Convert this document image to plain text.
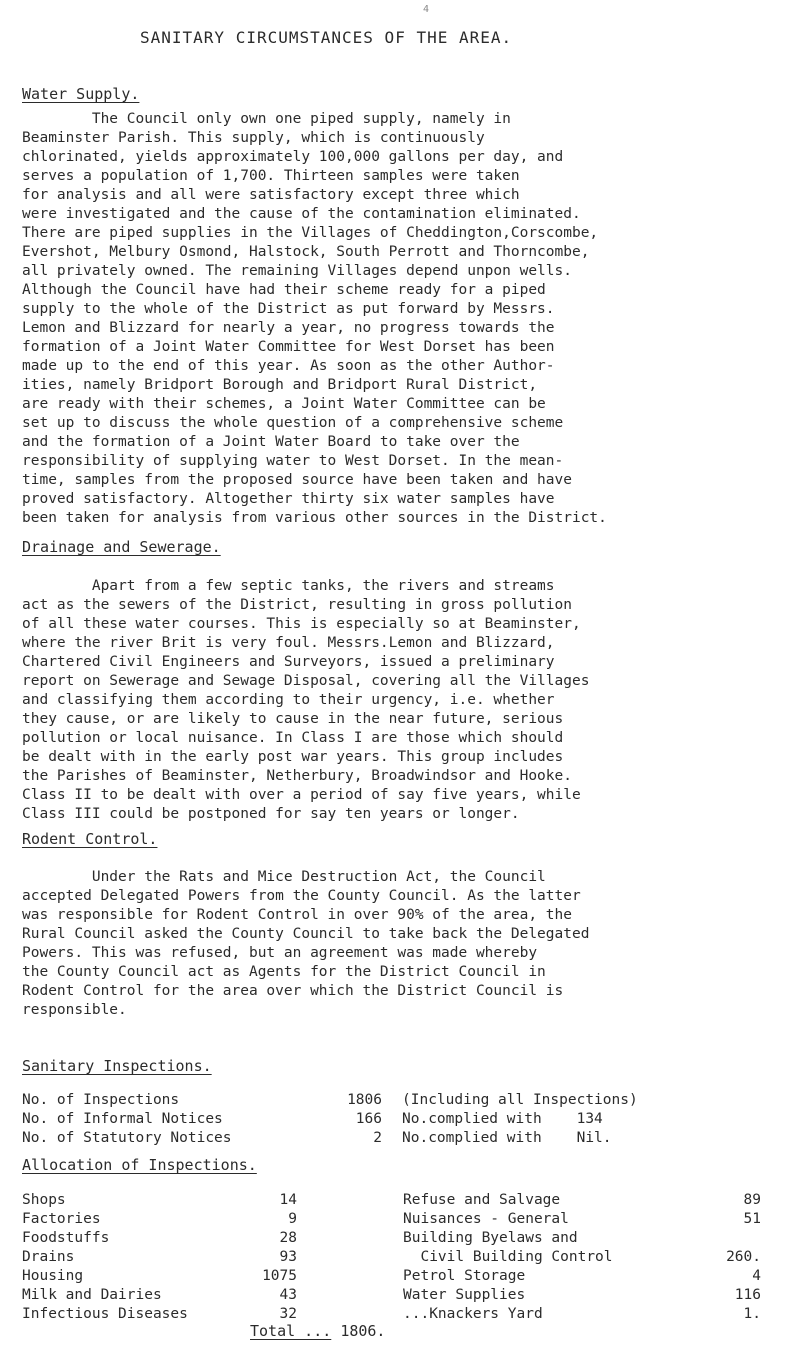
4
SANITARY CIRCUMSTANCES OF THE AREA.
Water Supply.
The Council only own one piped supply, namely in
Beaminster Parish. This supply, which is continuously
chlorinated, yields approximately 100,000 gallons per day, and
serves a population of 1,700. Thirteen samples were taken
for analysis and all were satisfactory except three which
were investigated and the cause of the contamination eliminated.
There are piped supplies in the Villages of Cheddington,Corscombe,
Evershot, Melbury Osmond, Halstock, South Perrott and Thorncombe,
all privately owned. The remaining Villages depend unpon wells.
Although the Council have had their scheme ready for a piped
supply to the whole of the District as put forward by Messrs.
Lemon and Blizzard for nearly a year, no progress towards the
formation of a Joint Water Committee for West Dorset has been
made up to the end of this year. As soon as the other Author-
ities, namely Bridport Borough and Bridport Rural District,
are ready with their schemes, a Joint Water Committee can be
set up to discuss the whole question of a comprehensive scheme
and the formation of a Joint Water Board to take over the
responsibility of supplying water to West Dorset. In the mean-
time, samples from the proposed source have been taken and have
proved satisfactory. Altogether thirty six water samples have
been taken for analysis from various other sources in the District.
Drainage and Sewerage.
Apart from a few septic tanks, the rivers and streams
act as the sewers of the District, resulting in gross pollution
of all these water courses. This is especially so at Beaminster,
where the river Brit is very foul. Messrs.Lemon and Blizzard,
Chartered Civil Engineers and Surveyors, issued a preliminary
report on Sewerage and Sewage Disposal, covering all the Villages
and classifying them according to their urgency, i.e. whether
they cause, or are likely to cause in the near future, serious
pollution or local nuisance. In Class I are those which should
be dealt with in the early post war years. This group includes
the Parishes of Beaminster, Netherbury, Broadwindsor and Hooke.
Class II to be dealt with over a period of say five years, while
Class III could be postponed for say ten years or longer.
Rodent Control.
Under the Rats and Mice Destruction Act, the Council
accepted Delegated Powers from the County Council. As the latter
was responsible for Rodent Control in over 90% of the area, the
Rural Council asked the County Council to take back the Delegated
Powers. This was refused, but an agreement was made whereby
the County Council act as Agents for the District Council in
Rodent Control for the area over which the District Council is
responsible.
Sanitary Inspections.
No. of Inspections	1806	(Including all Inspections)
No. of Informal Notices	166	No.complied with    134
No. of Statutory Notices	2	No.complied with    Nil.
Allocation of Inspections.
Shops	14
Factories	9
Foodstuffs	28
Drains	93
Housing	1075
Milk and Dairies	43
Infectious Diseases	32
Refuse and Salvage	89
Nuisances - General	51
Building Byelaws and	
Civil Building Control	260.
Petrol Storage	4
Water Supplies	116
...Knackers Yard	1.
Total ... 1806.
